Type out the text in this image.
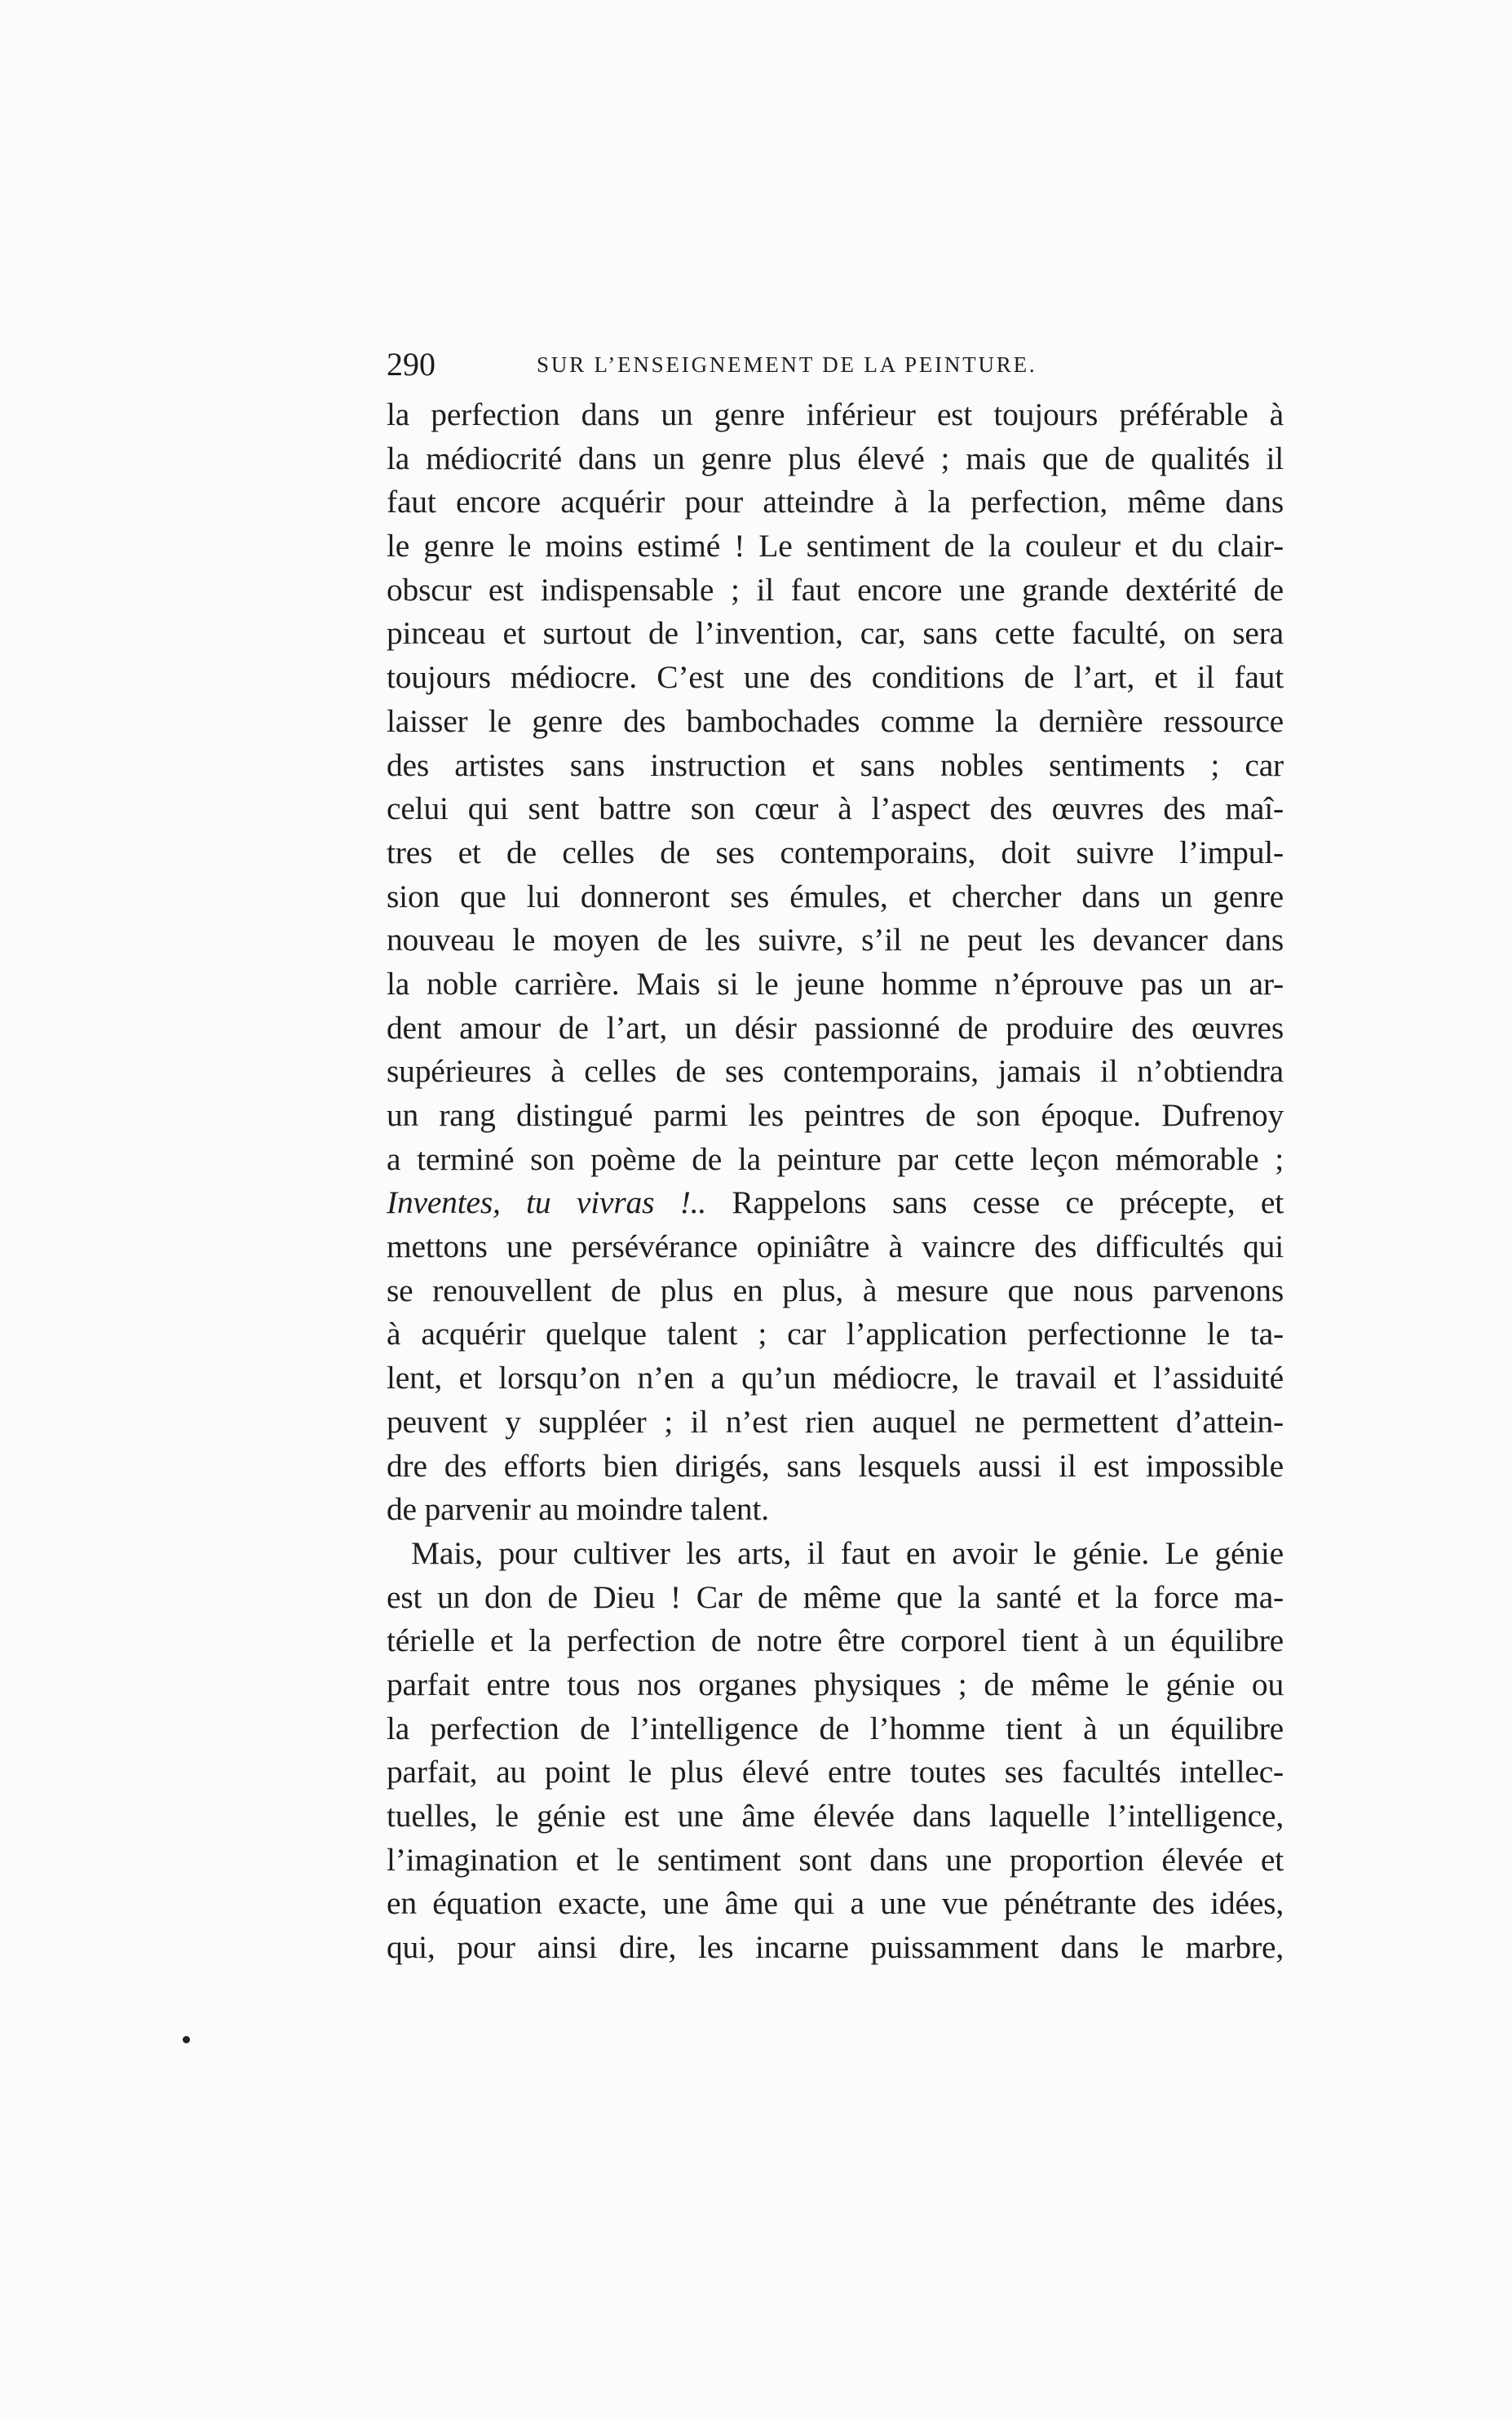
290	SUR L’ENSEIGNEMENT DE LA PEINTURE.
la perfection dans un genre inférieur est toujours préférable à
la médiocrité dans un genre plus élevé ; mais que de qualités il
faut encore acquérir pour atteindre à la perfection, même dans
le genre le moins estimé ! Le sentiment de la couleur et du clair-
obscur est indispensable ; il faut encore une grande dextérité de
pinceau et surtout de l’invention, car, sans cette faculté, on sera
toujours médiocre. C’est une des conditions de l’art, et il faut
laisser le genre des bambochades comme la dernière ressource
des artistes sans instruction et sans nobles sentiments ; car
celui qui sent battre son cœur à l’aspect des œuvres des maî-
tres et de celles de ses contemporains, doit suivre l’impul-
sion que lui donneront ses émules, et chercher dans un genre
nouveau le moyen de les suivre, s’il ne peut les devancer dans
la noble carrière. Mais si le jeune homme n’éprouve pas un ar-
dent amour de l’art, un désir passionné de produire des œuvres
supérieures à celles de ses contemporains, jamais il n’obtiendra
un rang distingué parmi les peintres de son époque. Dufrenoy
a terminé son poème de la peinture par cette leçon mémorable ;
Inventes, tu vivras !.. Rappelons sans cesse ce précepte, et
mettons une persévérance opiniâtre à vaincre des difficultés qui
se renouvellent de plus en plus, à mesure que nous parvenons
à acquérir quelque talent ; car l’application perfectionne le ta-
lent, et lorsqu’on n’en a qu’un médiocre, le travail et l’assiduité
peuvent y suppléer ; il n’est rien auquel ne permettent d’attein-
dre des efforts bien dirigés, sans lesquels aussi il est impossible
de parvenir au moindre talent.
Mais, pour cultiver les arts, il faut en avoir le génie. Le génie
est un don de Dieu ! Car de même que la santé et la force ma-
térielle et la perfection de notre être corporel tient à un équilibre
parfait entre tous nos organes physiques ; de même le génie ou
la perfection de l’intelligence de l’homme tient à un équilibre
parfait, au point le plus élevé entre toutes ses facultés intellec-
tuelles, le génie est une âme élevée dans laquelle l’intelligence,
l’imagination et le sentiment sont dans une proportion élevée et
en équation exacte, une âme qui a une vue pénétrante des idées,
qui, pour ainsi dire, les incarne puissamment dans le marbre,
